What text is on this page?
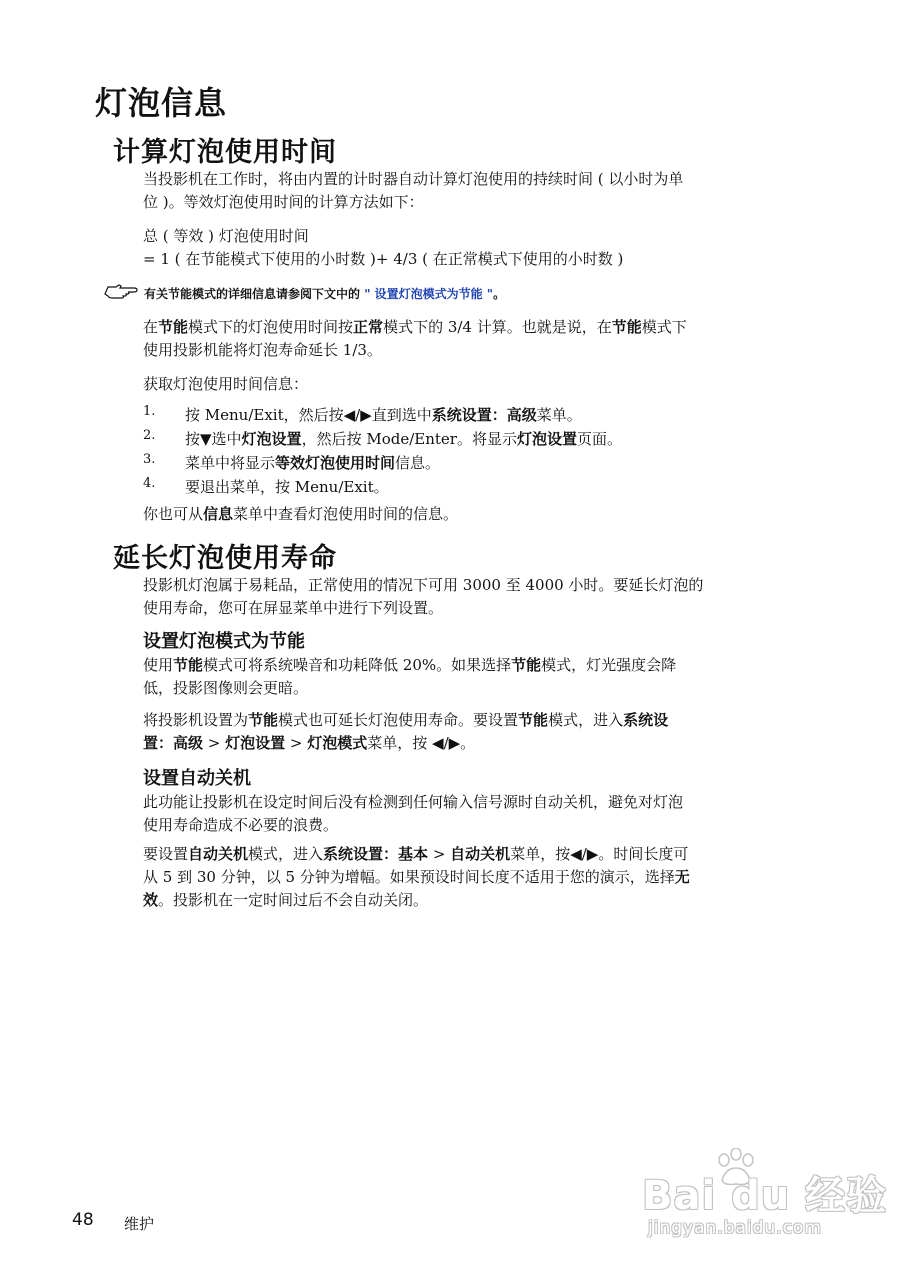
灯泡信息
计算灯泡使用时间
当投影机在工作时，将由内置的计时器自动计算灯泡使用的持续时间 ( 以小时为单
位 )。等效灯泡使用时间的计算方法如下：
总 ( 等效 ) 灯泡使用时间
= 1 ( 在节能模式下使用的小时数 )+ 4/3 ( 在正常模式下使用的小时数 )
有关节能模式的详细信息请参阅下文中的 " 设置灯泡模式为节能 "。
在节能模式下的灯泡使用时间按正常模式下的 3/4 计算。也就是说，在节能模式下
使用投影机能将灯泡寿命延长 1/3。
获取灯泡使用时间信息：
1. 按 Menu/Exit，然后按◀/▶直到选中系统设置：高级菜单。
2. 按▼选中灯泡设置，然后按 Mode/Enter。将显示灯泡设置页面。
3. 菜单中将显示等效灯泡使用时间信息。
4. 要退出菜单，按 Menu/Exit。
你也可从信息菜单中查看灯泡使用时间的信息。
延长灯泡使用寿命
投影机灯泡属于易耗品，正常使用的情况下可用 3000 至 4000 小时。要延长灯泡的
使用寿命，您可在屏显菜单中进行下列设置。
设置灯泡模式为节能
使用节能模式可将系统噪音和功耗降低 20%。如果选择节能模式，灯光强度会降
低，投影图像则会更暗。
将投影机设置为节能模式也可延长灯泡使用寿命。要设置节能模式，进入系统设
置：高级 > 灯泡设置 > 灯泡模式菜单，按 ◀/▶。
设置自动关机
此功能让投影机在设定时间后没有检测到任何输入信号源时自动关机，避免对灯泡
使用寿命造成不必要的浪费。
要设置自动关机模式，进入系统设置：基本 > 自动关机菜单，按◀/▶。时间长度可
从 5 到 30 分钟，以 5 分钟为增幅。如果预设时间长度不适用于您的演示，选择无
效。投影机在一定时间过后不会自动关闭。
48 维护
Bai du 经验
jingyan.baidu.com
